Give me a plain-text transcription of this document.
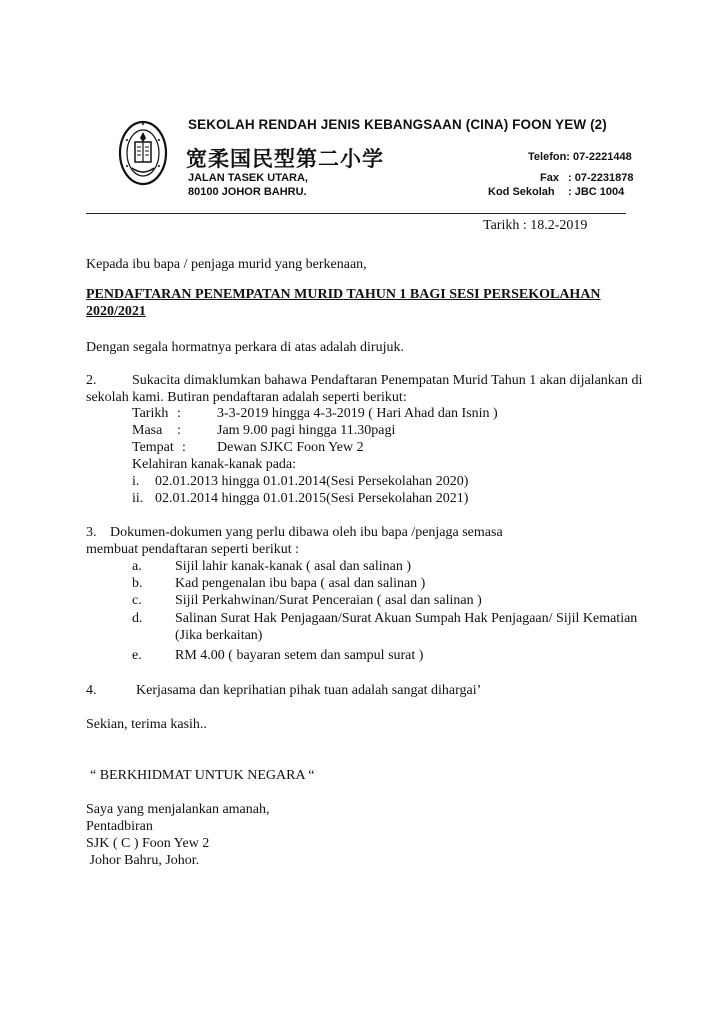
SEKOLAH RENDAH JENIS KEBANGSAAN (CINA) FOON YEW (2)
宽柔国民型第二小学
JALAN TASEK UTARA,
80100 JOHOR BAHRU.
Telefon: 07-2221448
Fax : 07-2231878
Kod Sekolah : JBC 1004
Tarikh : 18.2-2019
Kepada ibu bapa / penjaga murid yang berkenaan,
PENDAFTARAN PENEMPATAN MURID TAHUN 1 BAGI SESI PERSEKOLAHAN
2020/2021
Dengan segala hormatnya perkara di atas adalah dirujuk.
2.	Sukacita dimaklumkan bahawa Pendaftaran Penempatan Murid Tahun 1 akan dijalankan di
sekolah kami. Butiran pendaftaran adalah seperti berikut:
Tarikh :	3-3-2019 hingga 4-3-2019 ( Hari Ahad dan Isnin )
Masa :	Jam 9.00 pagi hingga 11.30pagi
Tempat : Dewan SJKC Foon Yew 2
Kelahiran kanak-kanak pada:
i. 02.01.2013 hingga 01.01.2014(Sesi Persekolahan 2020)
ii. 02.01.2014 hingga 01.01.2015(Sesi Persekolahan 2021)
3. Dokumen-dokumen yang perlu dibawa oleh ibu bapa /penjaga semasa
membuat pendaftaran seperti berikut :
a. Sijil lahir kanak-kanak ( asal dan salinan )
b. Kad pengenalan ibu bapa ( asal dan salinan )
c. Sijil Perkahwinan/Surat Penceraian ( asal dan salinan )
d. Salinan Surat Hak Penjagaan/Surat Akuan Sumpah Hak Penjagaan/ Sijil Kematian
(Jika berkaitan)
e. RM 4.00 ( bayaran setem dan sampul surat )
4.	Kerjasama dan keprihatian pihak tuan adalah sangat dihargai’
Sekian, terima kasih..
“ BERKHIDMAT UNTUK NEGARA “
Saya yang menjalankan amanah,
Pentadbiran
SJK ( C ) Foon Yew 2
Johor Bahru, Johor.
